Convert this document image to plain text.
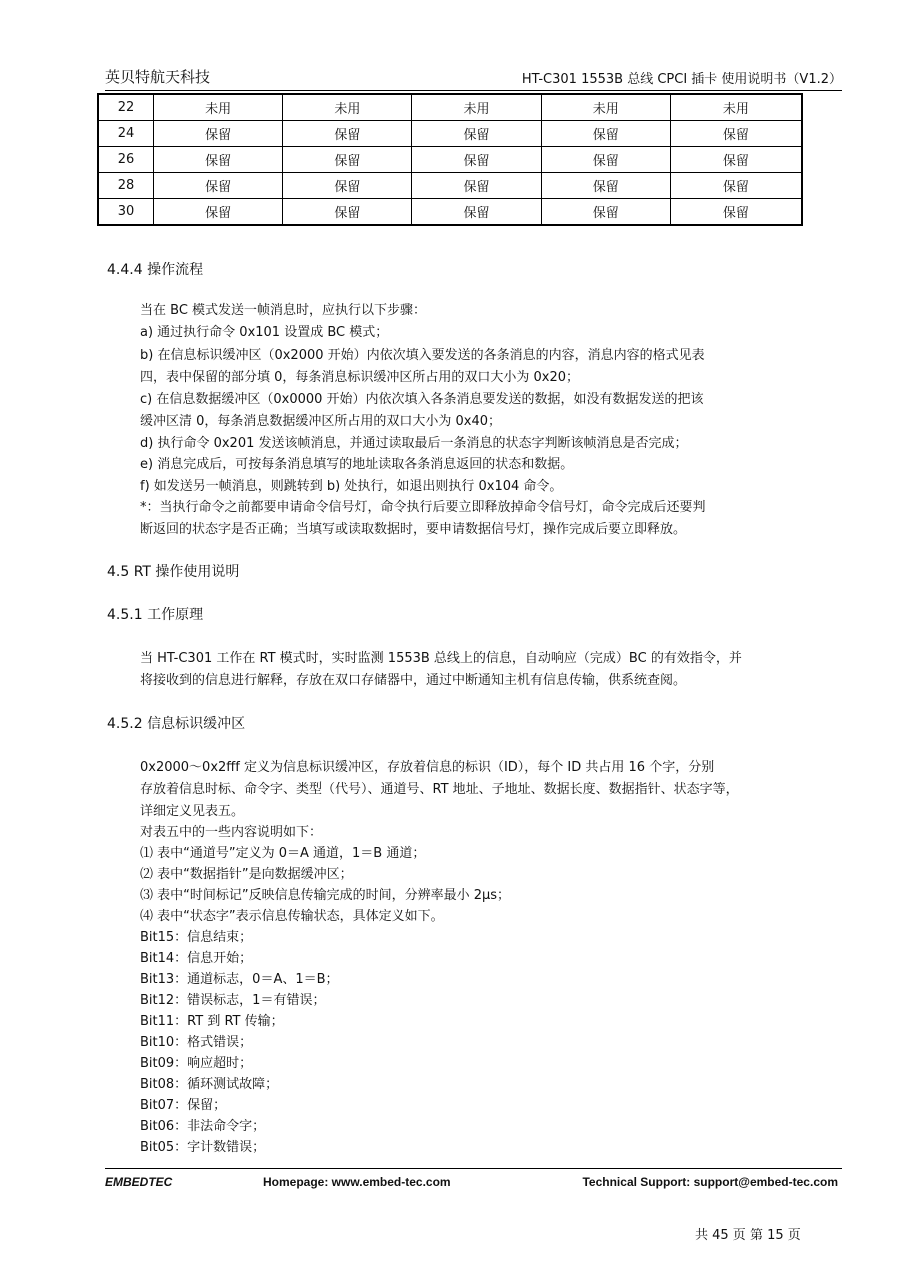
英贝特航天科技	HT-C301 1553B 总线 CPCI 插卡 使用说明书（V1.2）
22	未用	未用	未用	未用	未用
24	保留	保留	保留	保留	保留
26	保留	保留	保留	保留	保留
28	保留	保留	保留	保留	保留
30	保留	保留	保留	保留	保留
4.4.4 操作流程
当在 BC 模式发送一帧消息时，应执行以下步骤：
a) 通过执行命令 0x101 设置成 BC 模式；
b) 在信息标识缓冲区（0x2000 开始）内依次填入要发送的各条消息的内容，消息内容的格式见表
四，表中保留的部分填 0，每条消息标识缓冲区所占用的双口大小为 0x20；
c) 在信息数据缓冲区（0x0000 开始）内依次填入各条消息要发送的数据，如没有数据发送的把该
缓冲区清 0，每条消息数据缓冲区所占用的双口大小为 0x40；
d) 执行命令 0x201 发送该帧消息，并通过读取最后一条消息的状态字判断该帧消息是否完成；
e) 消息完成后，可按每条消息填写的地址读取各条消息返回的状态和数据。
f) 如发送另一帧消息，则跳转到 b) 处执行，如退出则执行 0x104 命令。
*：当执行命令之前都要申请命令信号灯，命令执行后要立即释放掉命令信号灯，命令完成后还要判
断返回的状态字是否正确；当填写或读取数据时，要申请数据信号灯，操作完成后要立即释放。
4.5 RT 操作使用说明
4.5.1 工作原理
当 HT-C301 工作在 RT 模式时，实时监测 1553B 总线上的信息，自动响应（完成）BC 的有效指令，并
将接收到的信息进行解释，存放在双口存储器中，通过中断通知主机有信息传输，供系统查阅。
4.5.2 信息标识缓冲区
0x2000～0x2fff 定义为信息标识缓冲区，存放着信息的标识（ID），每个 ID 共占用 16 个字，分别
存放着信息时标、命令字、类型（代号）、通道号、RT 地址、子地址、数据长度、数据指针、状态字等，
详细定义见表五。
对表五中的一些内容说明如下：
⑴ 表中“通道号”定义为 0＝A 通道，1＝B 通道；
⑵ 表中“数据指针”是向数据缓冲区；
⑶ 表中“时间标记”反映信息传输完成的时间，分辨率最小 2μs；
⑷ 表中“状态字”表示信息传输状态，具体定义如下。
Bit15：信息结束；
Bit14：信息开始；
Bit13：通道标志，0＝A、1＝B；
Bit12：错误标志，1＝有错误；
Bit11：RT 到 RT 传输；
Bit10：格式错误；
Bit09：响应超时；
Bit08：循环测试故障；
Bit07：保留；
Bit06：非法命令字；
Bit05：字计数错误；
EMBEDTEC	Homepage: www.embed-tec.com	Technical Support: support@embed-tec.com
共 45 页 第 15 页
